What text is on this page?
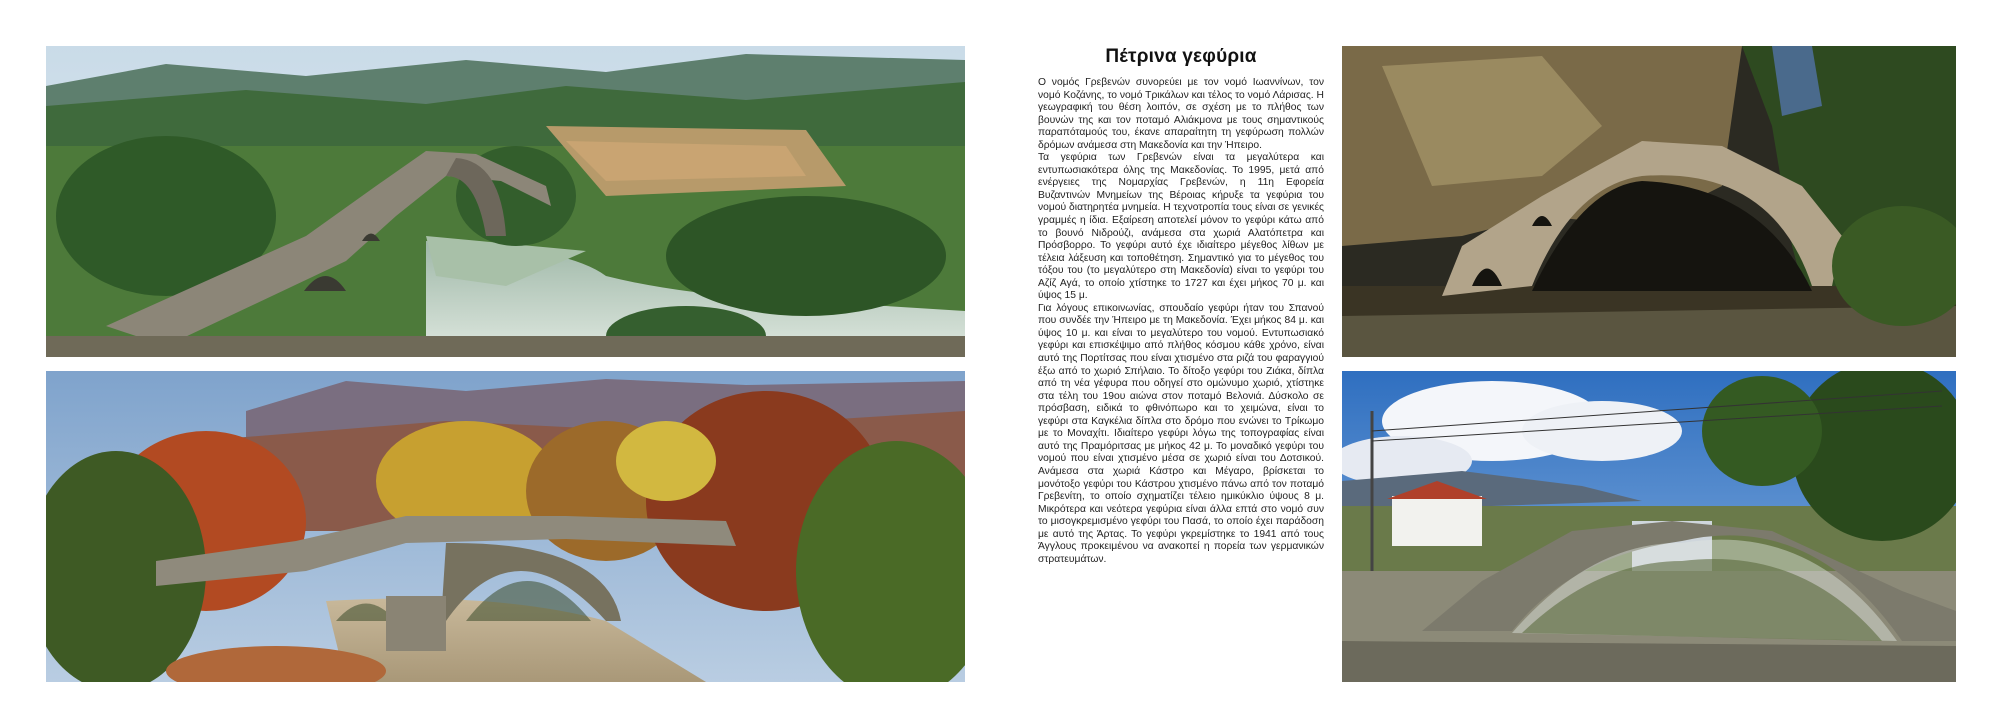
Πέτρινα γεφύρια

Ο νομός Γρεβενών συνορεύει με τον νομό Ιωαννίνων, τον νομό Κοζάνης, το νομό Τρικάλων και τέλος το νομό Λάρισας. Η γεωγραφική του θέση λοιπόν, σε σχέση με το πλήθος των βουνών της και τον ποταμό Αλιάκμονα με τους σημαντικούς παραπόταμούς του, έκανε απαραίτητη τη γεφύρωση πολλών δρόμων ανάμεσα στη Μακεδονία και την Ήπειρο.

Τα γεφύρια των Γρεβενών είναι τα μεγαλύτερα και εντυπωσιακότερα όλης της Μακεδονίας. Το 1995, μετά από ενέργειες της Νομαρχίας Γρεβενών, η 11η Εφορεία Βυζαντινών Μνημείων της Βέροιας κήρυξε τα γεφύρια του νομού διατηρητέα μνημεία. Η τεχνοτροπία τους είναι σε γενικές γραμμές η ίδια. Εξαίρεση αποτελεί μόνον το γεφύρι κάτω από το βουνό Νιδρούζι, ανάμεσα στα χωριά Αλατόπετρα και Πρόσβορρο. Το γεφύρι αυτό έχε ιδιαίτερο μέγεθος λίθων με τέλεια λάξευση και τοποθέτηση. Σημαντικό για το μέγεθος του τόξου του (το μεγαλύτερο στη Μακεδονία) είναι το γεφύρι του Αζίζ Αγά, το οποίο χτίστηκε το 1727 και έχει μήκος 70 μ. και ύψος 15 μ.

Για λόγους επικοινωνίας, σπουδαίο γεφύρι ήταν του Σπανού που συνδέε την Ήπειρο με τη Μακεδονία. Έχει μήκος 84 μ. και ύψος 10 μ. και είναι το μεγαλύτερο του νομού. Εντυπωσιακό γεφύρι και επισκέψιμο από πλήθος κόσμου κάθε χρόνο, είναι αυτό της Πορτίτσας που είναι χτισμένο στα ριζά του φαραγγιού έξω από το χωριό Σπήλαιο. Το δίτοξο γεφύρι του Ζιάκα, δίπλα από τη νέα γέφυρα που οδηγεί στο ομώνυμο χωριό, χτίστηκε στα τέλη του 19ου αιώνα στον ποταμό Βελονιά. Δύσκολο σε πρόσβαση, ειδικά το φθινόπωρο και το χειμώνα, είναι το γεφύρι στα Καγκέλια δίπλα στο δρόμο που ενώνει το Τρίκωμο με το Μοναχίτι. Ιδιαίτερο γεφύρι λόγω της τοπογραφίας είναι αυτό της Πραμόριτσας με μήκος 42 μ. Το μοναδικό γεφύρι του νομού που είναι χτισμένο μέσα σε χωριό είναι του Δοτσικού. Ανάμεσα στα χωριά Κάστρο και Μέγαρο, βρίσκεται το μονότοξο γεφύρι του Κάστρου χτισμένο πάνω από τον ποταμό Γρεβενίτη, το οποίο σχηματίζει τέλειο ημικύκλιο ύψους 8 μ. Μικρότερα και νεότερα γεφύρια είναι άλλα επτά στο νομό συν το μισογκρεμισμένο γεφύρι του Πασά, το οποίο έχει παράδοση με αυτό της Άρτας. Το γεφύρι γκρεμίστηκε το 1941 από τους Άγγλους προκειμένου να ανακοπεί η πορεία των γερμανικών στρατευμάτων.
